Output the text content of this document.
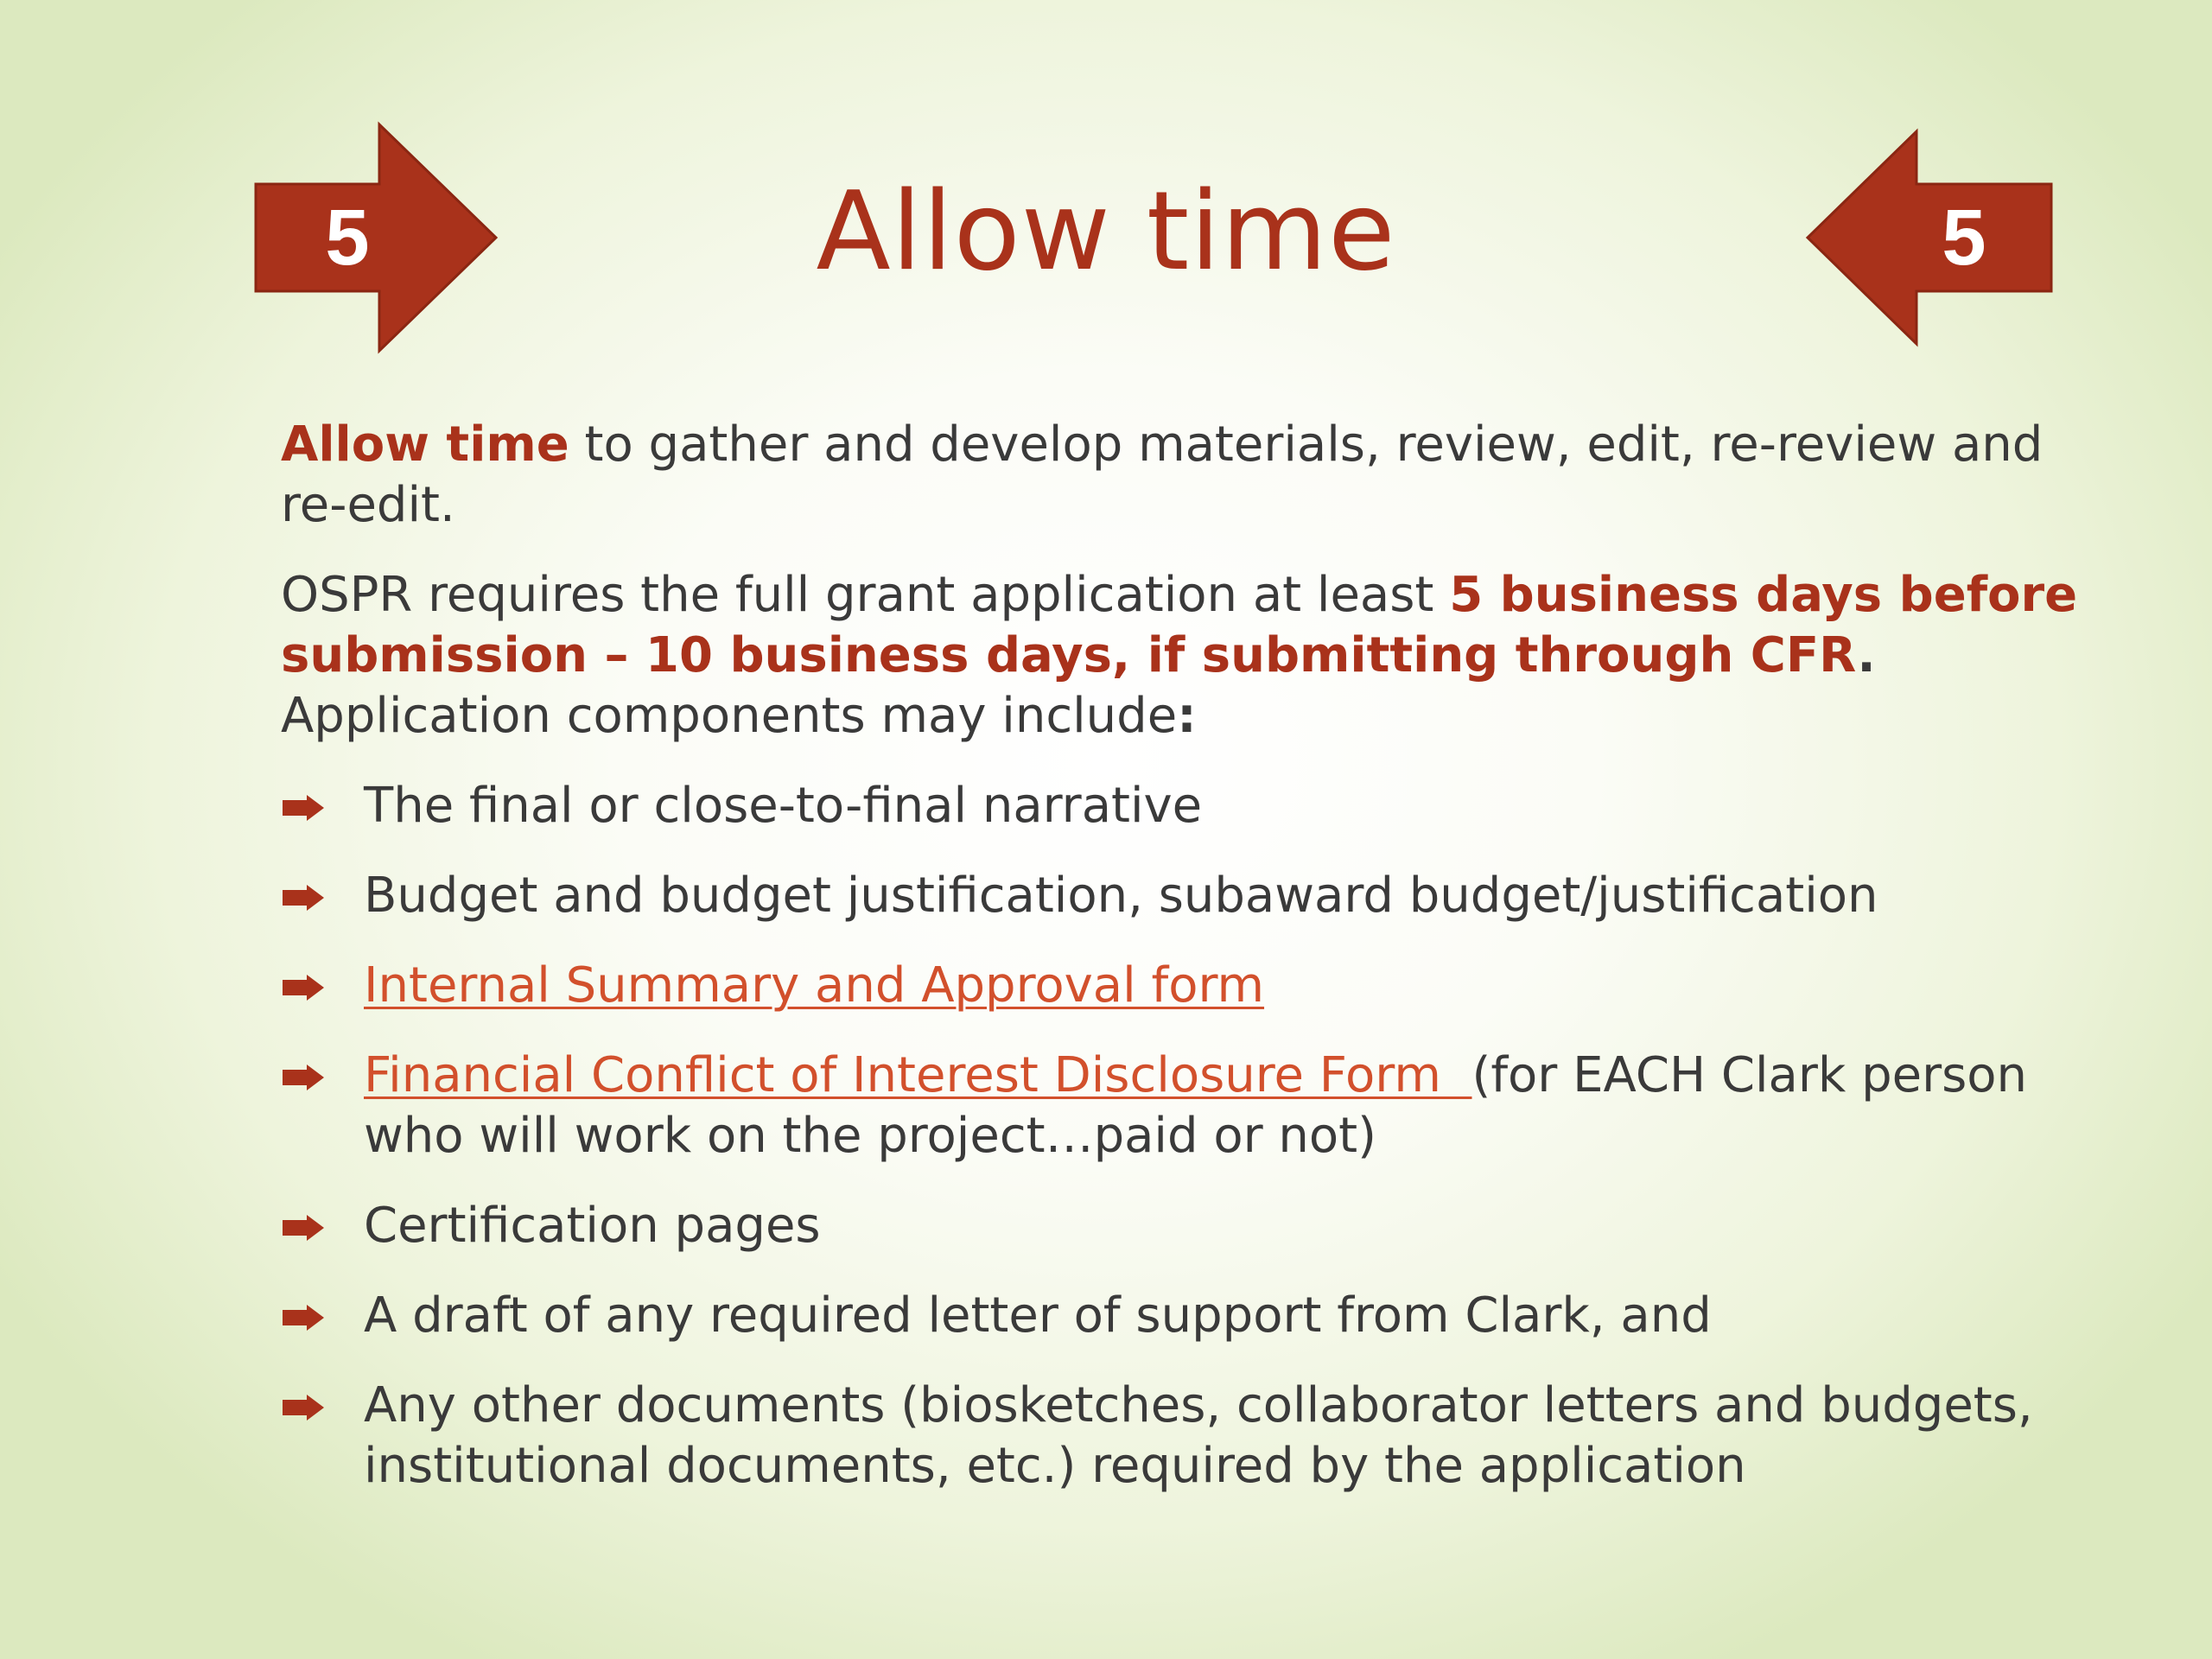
5	Allow time	5

Allow time to gather and develop materials, review, edit, re-review and re-edit.

OSPR requires the full grant application at least 5 business days before submission – 10 business days, if submitting through CFR. Application components may include:

The final or close-to-final narrative
Budget and budget justification, subaward budget/justification
Internal Summary and Approval form
Financial Conflict of Interest Disclosure Form  (for EACH Clark person who will work on the project…paid or not)
Certification pages
A draft of any required letter of support from Clark, and
Any other documents (biosketches, collaborator letters and budgets, institutional documents, etc.) required by the application
